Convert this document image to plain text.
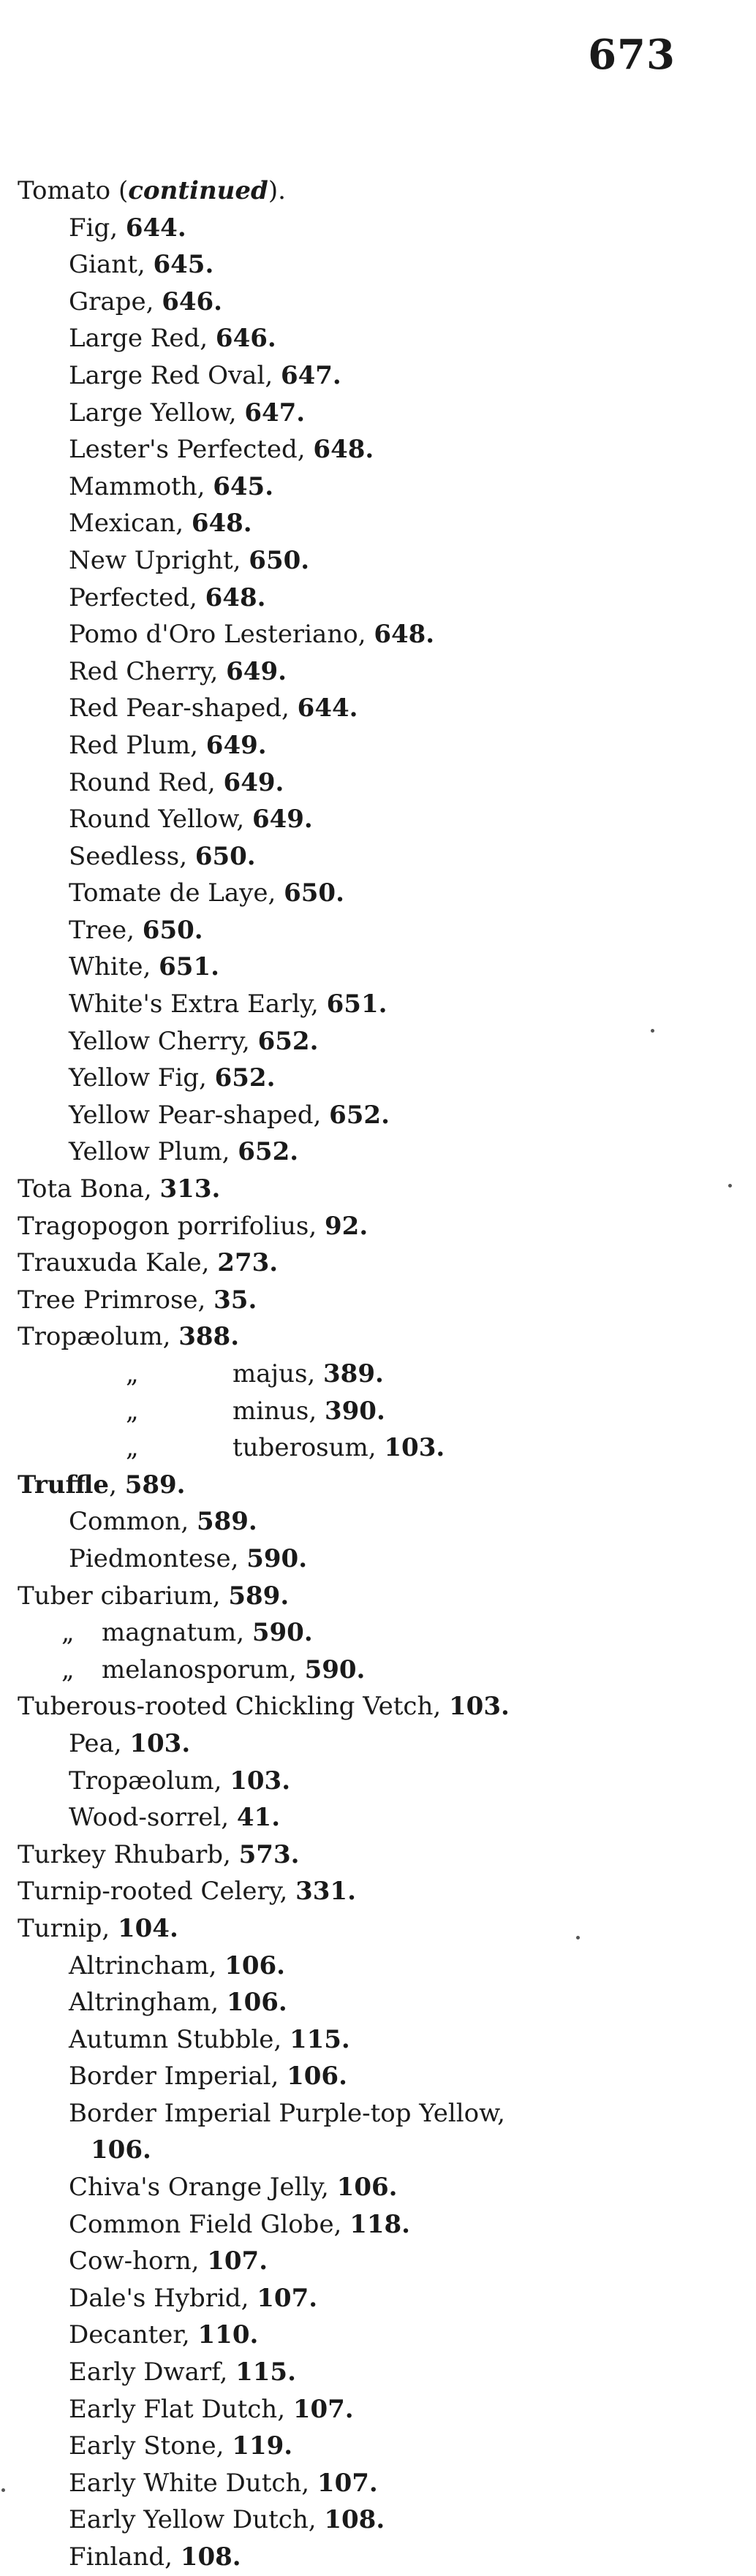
673
Tomato (continued).
Fig, 644.
Giant, 645.
Grape, 646.
Large Red, 646.
Large Red Oval, 647.
Large Yellow, 647.
Lester's Perfected, 648.
Mammoth, 645.
Mexican, 648.
New Upright, 650.
Perfected, 648.
Pomo d'Oro Lesteriano, 648.
Red Cherry, 649.
Red Pear-shaped, 644.
Red Plum, 649.
Round Red, 649.
Round Yellow, 649.
Seedless, 650.
Tomate de Laye, 650.
Tree, 650.
White, 651.
White's Extra Early, 651.
Yellow Cherry, 652.
Yellow Fig, 652.
Yellow Pear-shaped, 652.
Yellow Plum, 652.
Tota Bona, 313.
Tragopogon porrifolius, 92.
Trauxuda Kale, 273.
Tree Primrose, 35.
Tropæolum, 388.
„	majus, 389.
„	minus, 390.
„	tuberosum, 103.
Truffle, 589.
Common, 589.
Piedmontese, 590.
Tuber cibarium, 589.
„ magnatum, 590.
„ melanosporum, 590.
Tuberous-rooted Chickling Vetch, 103.
Pea, 103.
Tropæolum, 103.
Wood-sorrel, 41.
Turkey Rhubarb, 573.
Turnip-rooted Celery, 331.
Turnip, 104.
Altrincham, 106.
Altringham, 106.
Autumn Stubble, 115.
Border Imperial, 106.
Border Imperial Purple-top Yellow,
106.
Chiva's Orange Jelly, 106.
Common Field Globe, 118.
Cow-horn, 107.
Dale's Hybrid, 107.
Decanter, 110.
Early Dwarf, 115.
Early Flat Dutch, 107.
Early Stone, 119.
Early White Dutch, 107.
Early Yellow Dutch, 108.
Finland, 108.
